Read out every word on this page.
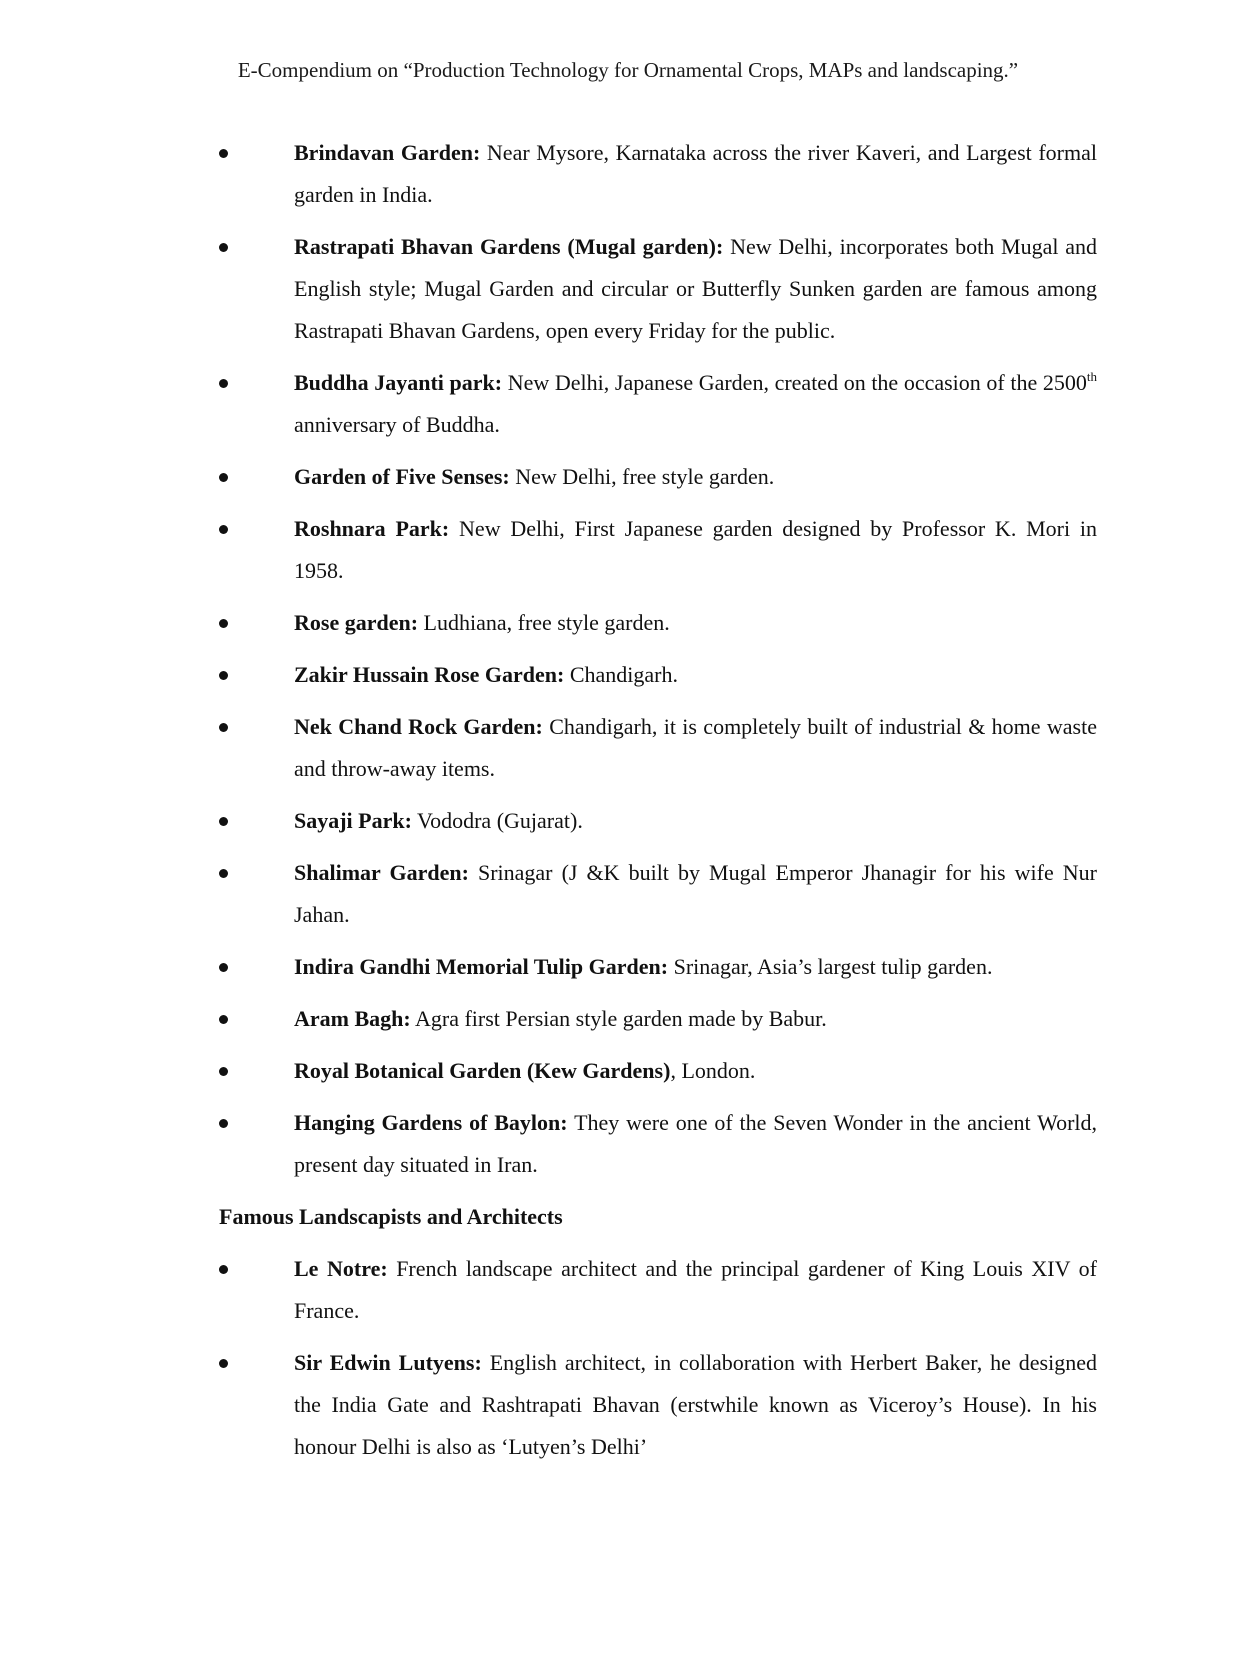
E-Compendium on “Production Technology for Ornamental Crops, MAPs and landscaping.”
Brindavan Garden: Near Mysore, Karnataka across the river Kaveri, and Largest formal garden in India.
Rastrapati Bhavan Gardens (Mugal garden): New Delhi, incorporates both Mugal and English style; Mugal Garden and circular or Butterfly Sunken garden are famous among Rastrapati Bhavan Gardens, open every Friday for the public.
Buddha Jayanti park: New Delhi, Japanese Garden, created on the occasion of the 2500th anniversary of Buddha.
Garden of Five Senses: New Delhi, free style garden.
Roshnara Park: New Delhi, First Japanese garden designed by Professor K. Mori in 1958.
Rose garden: Ludhiana, free style garden.
Zakir Hussain Rose Garden: Chandigarh.
Nek Chand Rock Garden: Chandigarh, it is completely built of industrial & home waste and throw-away items.
Sayaji Park: Vododra (Gujarat).
Shalimar Garden: Srinagar (J &K built by Mugal Emperor Jhanagir for his wife Nur Jahan.
Indira Gandhi Memorial Tulip Garden: Srinagar, Asia’s largest tulip garden.
Aram Bagh: Agra first Persian style garden made by Babur.
Royal Botanical Garden (Kew Gardens), London.
Hanging Gardens of Baylon: They were one of the Seven Wonder in the ancient World, present day situated in Iran.
Famous Landscapists and Architects
Le Notre: French landscape architect and the principal gardener of King Louis XIV of France.
Sir Edwin Lutyens: English architect, in collaboration with Herbert Baker, he designed the India Gate and Rashtrapati Bhavan (erstwhile known as Viceroy’s House). In his honour Delhi is also as ‘Lutyen’s Delhi’
